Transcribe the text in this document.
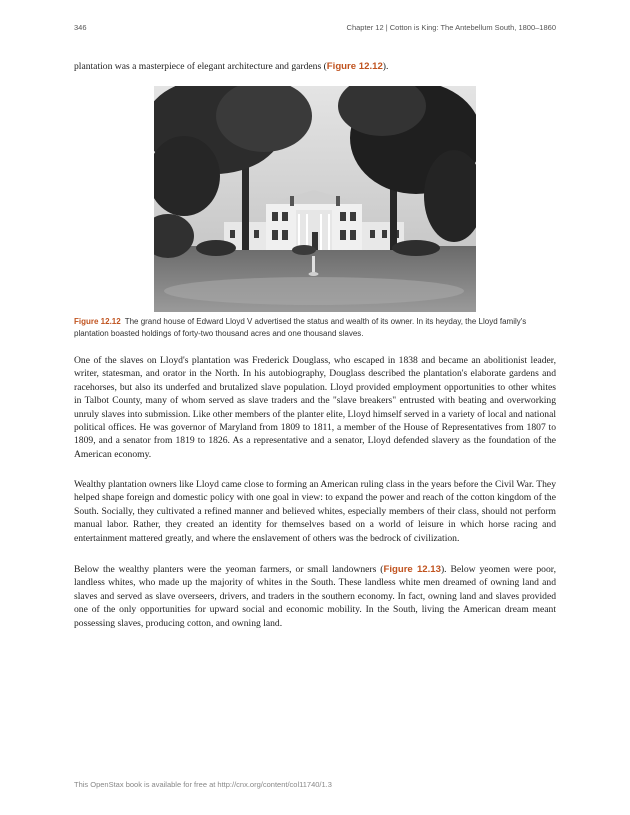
346	Chapter 12 | Cotton is King: The Antebellum South, 1800–1860
plantation was a masterpiece of elegant architecture and gardens (Figure 12.12).
Figure 12.12 The grand house of Edward Lloyd V advertised the status and wealth of its owner. In its heyday, the Lloyd family's plantation boasted holdings of forty-two thousand acres and one thousand slaves.
One of the slaves on Lloyd's plantation was Frederick Douglass, who escaped in 1838 and became an abolitionist leader, writer, statesman, and orator in the North. In his autobiography, Douglass described the plantation's elaborate gardens and racehorses, but also its underfed and brutalized slave population. Lloyd provided employment opportunities to other whites in Talbot County, many of whom served as slave traders and the "slave breakers" entrusted with beating and overworking unruly slaves into submission. Like other members of the planter elite, Lloyd himself served in a variety of local and national political offices. He was governor of Maryland from 1809 to 1811, a member of the House of Representatives from 1807 to 1809, and a senator from 1819 to 1826. As a representative and a senator, Lloyd defended slavery as the foundation of the American economy.
Wealthy plantation owners like Lloyd came close to forming an American ruling class in the years before the Civil War. They helped shape foreign and domestic policy with one goal in view: to expand the power and reach of the cotton kingdom of the South. Socially, they cultivated a refined manner and believed whites, especially members of their class, should not perform manual labor. Rather, they created an identity for themselves based on a world of leisure in which horse racing and entertainment mattered greatly, and where the enslavement of others was the bedrock of civilization.
Below the wealthy planters were the yeoman farmers, or small landowners (Figure 12.13). Below yeomen were poor, landless whites, who made up the majority of whites in the South. These landless white men dreamed of owning land and slaves and served as slave overseers, drivers, and traders in the southern economy. In fact, owning land and slaves provided one of the only opportunities for upward social and economic mobility. In the South, living the American dream meant possessing slaves, producing cotton, and owning land.
This OpenStax book is available for free at http://cnx.org/content/col11740/1.3
